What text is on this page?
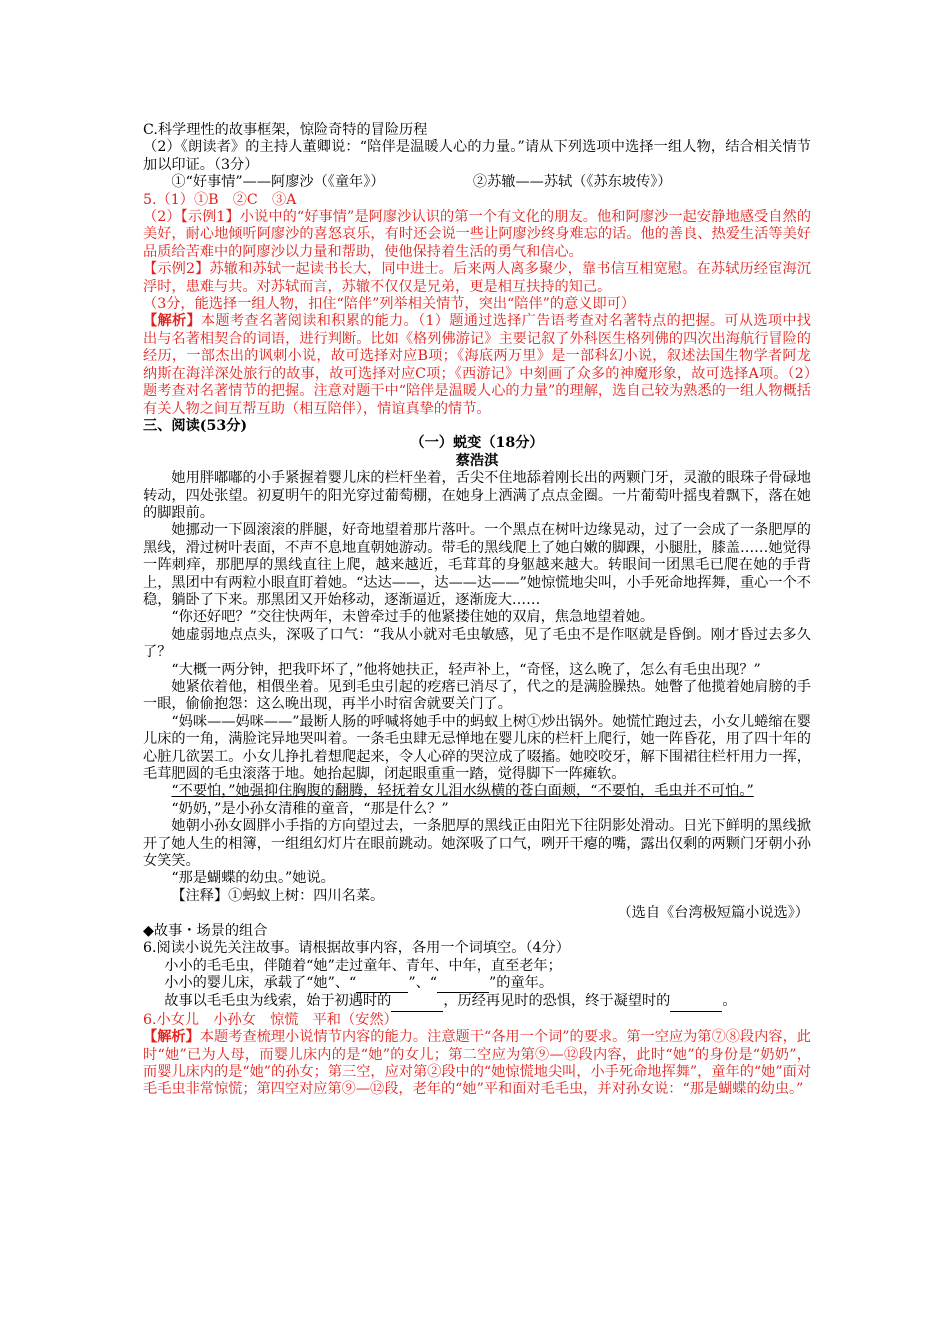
C.科学理性的故事框架，惊险奇特的冒险历程

（2）《朗读者》的主持人董卿说：“陪伴是温暖人心的力量。”请从下列选项中选择一组人物，结合相关情节加以印证。（3分）

①“好事情”——阿廖沙（《童年》）	②苏辙——苏轼（《苏东坡传》）

5.（1）①B　②C　③A

（2）【示例1】小说中的“好事情”是阿廖沙认识的第一个有文化的朋友。他和阿廖沙一起安静地感受自然的美好，耐心地倾听阿廖沙的喜怒哀乐，有时还会说一些让阿廖沙终身难忘的话。他的善良、热爱生活等美好品质给苦难中的阿廖沙以力量和帮助，使他保持着生活的勇气和信心。

【示例2】苏辙和苏轼一起读书长大，同中进士。后来两人离多聚少，靠书信互相宽慰。在苏轼历经宦海沉浮时，患难与共。对苏轼而言，苏辙不仅仅是兄弟，更是相互扶持的知己。

（3分，能选择一组人物，扣住“陪伴”列举相关情节，突出“陪伴”的意义即可）

【解析】本题考查名著阅读和积累的能力。（1）题通过选择广告语考查对名著特点的把握。可从选项中找出与名著相契合的词语，进行判断。比如《格列佛游记》主要记叙了外科医生格列佛的四次出海航行冒险的经历，一部杰出的讽刺小说，故可选择对应B项；《海底两万里》是一部科幻小说，叙述法国生物学者阿龙纳斯在海洋深处旅行的故事，故可选择对应C项；《西游记》中刻画了众多的神魔形象，故可选择A项。（2）题考查对名著情节的把握。注意对题干中“陪伴是温暖人心的力量”的理解，选自己较为熟悉的一组人物概括有关人物之间互帮互助（相互陪伴），情谊真挚的情节。

三、阅读(53分)

（一）蜕变（18分）

蔡浩淇

她用胖嘟嘟的小手紧握着婴儿床的栏杆坐着，舌尖不住地舔着刚长出的两颗门牙，灵澈的眼珠子骨碌地转动，四处张望。初夏明午的阳光穿过葡萄棚，在她身上洒满了点点金圈。一片葡萄叶摇曳着飘下，落在她的脚跟前。

她挪动一下圆滚滚的胖腿，好奇地望着那片落叶。一个黑点在树叶边缘晃动，过了一会成了一条肥厚的黑线，滑过树叶表面，不声不息地直朝她游动。带毛的黑线爬上了她白嫩的脚踝，小腿肚，膝盖……她觉得一阵刺痒，那肥厚的黑线直往上爬，越来越近，毛茸茸的身躯越来越大。转眼间一团黑毛已爬在她的手背上，黑团中有两粒小眼直盯着她。“达达——，达——达——”她惊慌地尖叫，小手死命地挥舞，重心一个不稳，躺卧了下来。那黑团又开始移动，逐渐逼近，逐渐庞大……

“你还好吧？”交往快两年，未曾牵过手的他紧搂住她的双肩，焦急地望着她。

她虚弱地点点头，深吸了口气：“我从小就对毛虫敏感，见了毛虫不是作呕就是昏倒。刚才昏过去多久了？

“大概一两分钟，把我吓坏了，”他将她扶正，轻声补上，“奇怪，这么晚了，怎么有毛虫出现？”

她紧依着他，相偎坐着。见到毛虫引起的疙瘩已消尽了，代之的是满脸臊热。她瞥了他揽着她肩膀的手一眼，偷偷抱怨：这么晚出现，再半小时宿舍就要关门了。

“妈咪——妈咪——”最断人肠的呼喊将她手中的蚂蚁上树①炒出锅外。她慌忙跑过去，小女儿蜷缩在婴儿床的一角，满脸诧异地哭叫着。一条毛虫肆无忌惮地在婴儿床的栏杆上爬行，她一阵昏花，用了四十年的心脏几欲罢工。小女儿挣扎着想爬起来，令人心碎的哭泣成了啜搐。她咬咬牙，解下围裙往栏杆用力一挥，毛茸肥圆的毛虫滚落于地。她抬起脚，闭起眼重重一踏，觉得脚下一阵瘫软。

“不要怕，”她强抑住胸腹的翻腾，轻抚着女儿泪水纵横的苍白面颊，“不要怕，毛虫并不可怕。”

“奶奶，”是小孙女清稚的童音，“那是什么？”

她朝小孙女圆胖小手指的方向望过去，一条肥厚的黑线正由阳光下往阴影处滑动。日光下鲜明的黑线掀开了她人生的相簿，一组组幻灯片在眼前跳动。她深吸了口气，咧开干瘪的嘴，露出仅剩的两颗门牙朝小孙女笑笑。

“那是蝴蝶的幼虫。”她说。

【注释】①蚂蚁上树：四川名菜。

（选自《台湾极短篇小说选》）

◆故事・场景的组合

6.阅读小说先关注故事。请根据故事内容，各用一个词填空。（4分）

小小的毛毛虫，伴随着“她”走过童年、青年、中年，直至老年；

小小的婴儿床，承载了“她”、“	”、“	”的童年。

故事以毛毛虫为线索，始于初遇时的	，历经再见时的恐惧，终于凝望时的	。

6.小女儿　小孙女　惊慌　平和（安然）

【解析】本题考查梳理小说情节内容的能力。注意题干“各用一个词”的要求。第一空应为第⑦⑧段内容，此时“她”已为人母，而婴儿床内的是“她”的女儿；第二空应为第⑨—⑫段内容，此时“她”的身份是“奶奶”，而婴儿床内的是“她”的孙女；第三空，应对第②段中的“她惊慌地尖叫，小手死命地挥舞”，童年的“她”面对毛毛虫非常惊慌；第四空对应第⑨—⑫段，老年的“她”平和面对毛毛虫，并对孙女说：“那是蝴蝶的幼虫。”
